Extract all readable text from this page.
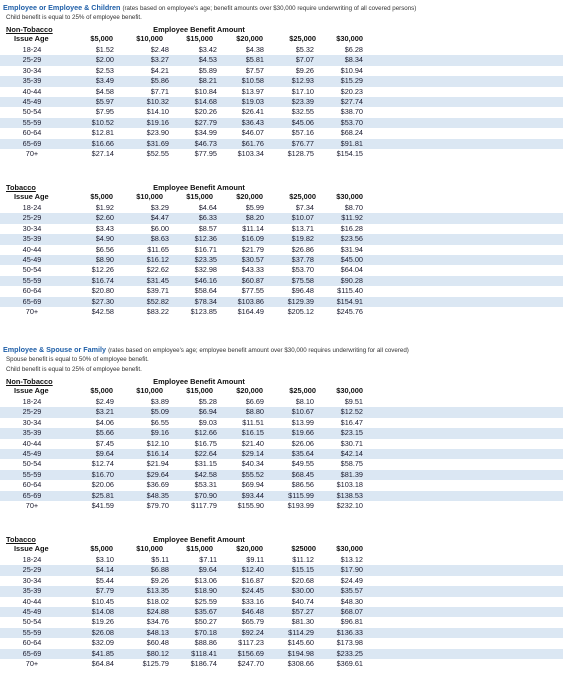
Employee or Employee & Children (rates based on employee's age; benefit amounts over $30,000 require underwriting of all covered persons)
Child benefit is equal to 25% of employee benefit.
Non-Tobacco	Employee Benefit Amount
Issue Age	$5,000	$10,000	$15,000	$20,000	$25,000	$30,000
18-24	$1.52	$2.48	$3.42	$4.38	$5.32	$6.28
25-29	$2.00	$3.27	$4.53	$5.81	$7.07	$8.34
30-34	$2.53	$4.21	$5.89	$7.57	$9.26	$10.94
35-39	$3.49	$5.86	$8.21	$10.58	$12.93	$15.29
40-44	$4.58	$7.71	$10.84	$13.97	$17.10	$20.23
45-49	$5.97	$10.32	$14.68	$19.03	$23.39	$27.74
50-54	$7.95	$14.10	$20.26	$26.41	$32.55	$38.70
55-59	$10.52	$19.16	$27.79	$36.43	$45.06	$53.70
60-64	$12.81	$23.90	$34.99	$46.07	$57.16	$68.24
65-69	$16.66	$31.69	$46.73	$61.76	$76.77	$91.81
70+	$27.14	$52.55	$77.95	$103.34	$128.75	$154.15
Tobacco	Employee Benefit Amount
Issue Age	$5,000	$10,000	$15,000	$20,000	$25,000	$30,000
18-24	$1.92	$3.29	$4.64	$5.99	$7.34	$8.70
25-29	$2.60	$4.47	$6.33	$8.20	$10.07	$11.92
30-34	$3.43	$6.00	$8.57	$11.14	$13.71	$16.28
35-39	$4.90	$8.63	$12.36	$16.09	$19.82	$23.56
40-44	$6.56	$11.65	$16.71	$21.79	$26.86	$31.94
45-49	$8.90	$16.12	$23.35	$30.57	$37.78	$45.00
50-54	$12.26	$22.62	$32.98	$43.33	$53.70	$64.04
55-59	$16.74	$31.45	$46.16	$60.87	$75.58	$90.28
60-64	$20.80	$39.71	$58.64	$77.55	$96.48	$115.40
65-69	$27.30	$52.82	$78.34	$103.86	$129.39	$154.91
70+	$42.58	$83.22	$123.85	$164.49	$205.12	$245.76
Employee & Spouse or Family (rates based on employee's age; employee benefit amount over $30,000 requires underwriting for all covered)
Spouse benefit is equal to 50% of employee benefit.
Child benefit is equal to 25% of employee benefit.
Non-Tobacco	Employee Benefit Amount
Issue Age	$5,000	$10,000	$15,000	$20,000	$25,000	$30,000
18-24	$2.49	$3.89	$5.28	$6.69	$8.10	$9.51
25-29	$3.21	$5.09	$6.94	$8.80	$10.67	$12.52
30-34	$4.06	$6.55	$9.03	$11.51	$13.99	$16.47
35-39	$5.66	$9.16	$12.66	$16.15	$19.66	$23.15
40-44	$7.45	$12.10	$16.75	$21.40	$26.06	$30.71
45-49	$9.64	$16.14	$22.64	$29.14	$35.64	$42.14
50-54	$12.74	$21.94	$31.15	$40.34	$49.55	$58.75
55-59	$16.70	$29.64	$42.58	$55.52	$68.45	$81.39
60-64	$20.06	$36.69	$53.31	$69.94	$86.56	$103.18
65-69	$25.81	$48.35	$70.90	$93.44	$115.99	$138.53
70+	$41.59	$79.70	$117.79	$155.90	$193.99	$232.10
Tobacco	Employee Benefit Amount
Issue Age	$5,000	$10,000	$15,000	$20,000	$25000	$30,000
18-24	$3.10	$5.11	$7.11	$9.11	$11.12	$13.12
25-29	$4.14	$6.88	$9.64	$12.40	$15.15	$17.90
30-34	$5.44	$9.26	$13.06	$16.87	$20.68	$24.49
35-39	$7.79	$13.35	$18.90	$24.45	$30.00	$35.57
40-44	$10.45	$18.02	$25.59	$33.16	$40.74	$48.30
45-49	$14.08	$24.88	$35.67	$46.48	$57.27	$68.07
50-54	$19.26	$34.76	$50.27	$65.79	$81.30	$96.81
55-59	$26.08	$48.13	$70.18	$92.24	$114.29	$136.33
60-64	$32.09	$60.48	$88.86	$117.23	$145.60	$173.98
65-69	$41.85	$80.12	$118.41	$156.69	$194.98	$233.25
70+	$64.84	$125.79	$186.74	$247.70	$308.66	$369.61
